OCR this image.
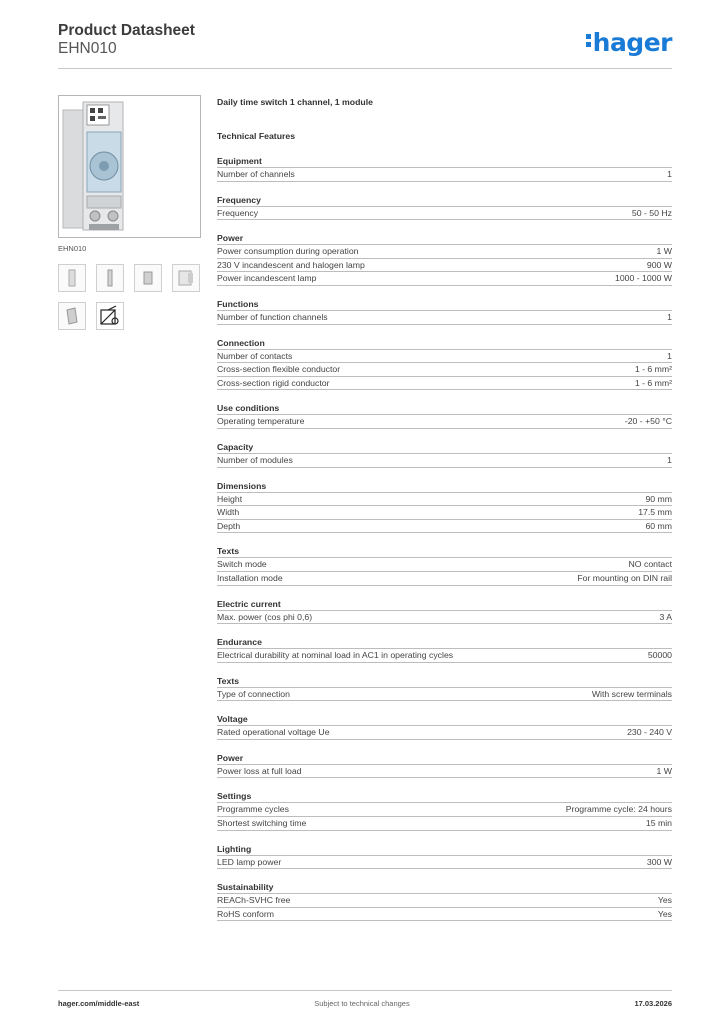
Product Datasheet
EHN010	hager
EHN010
Daily time switch 1 channel, 1 module
Technical Features
Equipment
Number of channels	1
Frequency
Frequency	50 - 50 Hz
Power
Power consumption during operation	1 W
230 V incandescent and halogen lamp	900 W
Power incandescent lamp	1000 - 1000 W
Functions
Number of function channels	1
Connection
Number of contacts	1
Cross-section flexible conductor	1 - 6 mm²
Cross-section rigid conductor	1 - 6 mm²
Use conditions
Operating temperature	-20 - +50 °C
Capacity
Number of modules	1
Dimensions
Height	90 mm
Width	17.5 mm
Depth	60 mm
Texts
Switch mode	NO contact
Installation mode	For mounting on DIN rail
Electric current
Max. power (cos phi 0,6)	3 A
Endurance
Electrical durability at nominal load in AC1 in operating cycles	50000
Texts
Type of connection	With screw terminals
Voltage
Rated operational voltage Ue	230 - 240 V
Power
Power loss at full load	1 W
Settings
Programme cycles	Programme cycle: 24 hours
Shortest switching time	15 min
Lighting
LED lamp power	300 W
Sustainability
REACh-SVHC free	Yes
RoHS conform	Yes
hager.com/middle-east	Subject to technical changes	17.03.2026
